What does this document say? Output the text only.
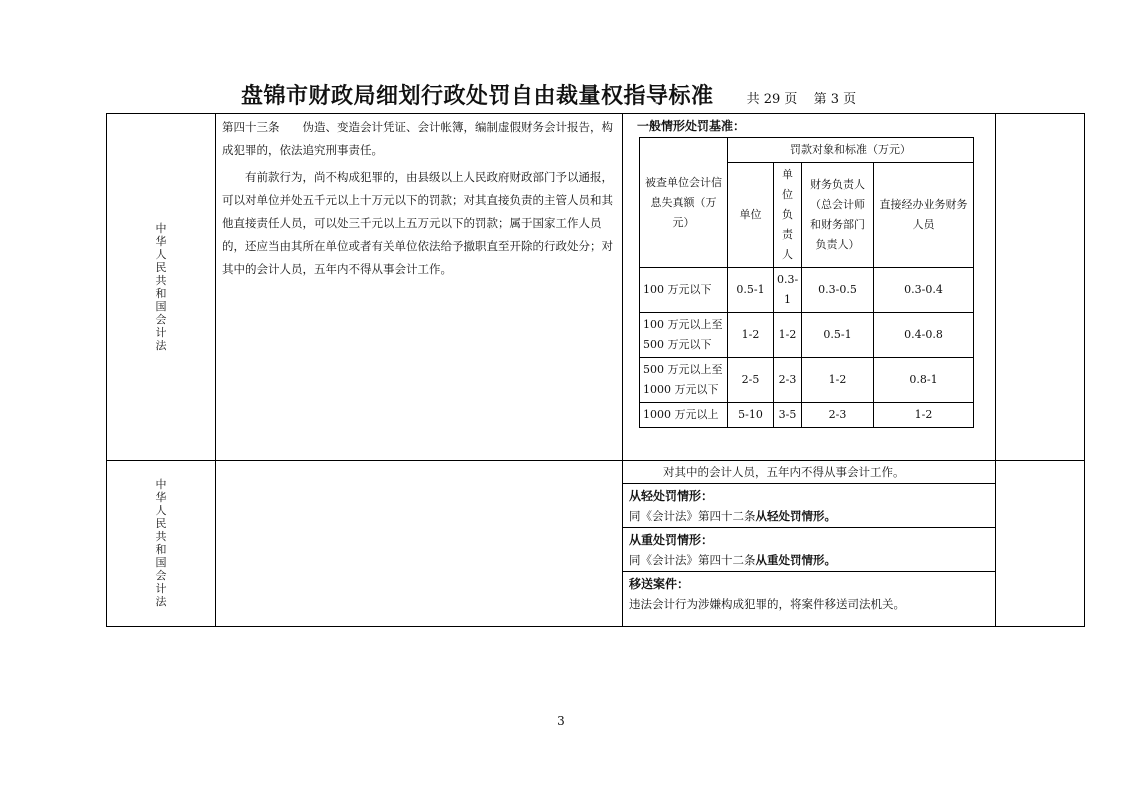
盘锦市财政局细划行政处罚自由裁量权指导标准	共 29 页 第 3 页
中华人民共和国会计法	

第四十三条　　伪造、变造会计凭证、会计帐簿，编制虚假财务会计报告，构成犯罪的，依法追究刑事责任。

有前款行为，尚不构成犯罪的，由县级以上人民政府财政部门予以通报，可以对单位并处五千元以上十万元以下的罚款；对其直接负责的主管人员和其他直接责任人员，可以处三千元以上五万元以下的罚款；属于国家工作人员的，还应当由其所在单位或者有关单位依法给予撤职直至开除的行政处分；对其中的会计人员，五年内不得从事会计工作。

一般情形处罚基准：
被查单位会计信息失真额（万元）	罚款对象和标准（万元）
单位	单位负责人	财务负责人（总会计师和财务部门负责人）	直接经办业务财务人员
100 万元以下	0.5-1	0.3-1	0.3-0.5	0.3-0.4
100 万元以上至 500 万元以下	1-2	1-2	0.5-1	0.4-0.8
500 万元以上至 1000 万元以下	2-5	2-3	1-2	0.8-1
1000 万元以上	5-10	3-5	2-3	1-2

中华人民共和国会计法		
对其中的会计人员，五年内不得从事会计工作。
从轻处罚情形：
同《会计法》第四十二条从轻处罚情形。
从重处罚情形：
同《会计法》第四十二条从重处罚情形。
移送案件：
违法会计行为涉嫌构成犯罪的，将案件移送司法机关。

3
